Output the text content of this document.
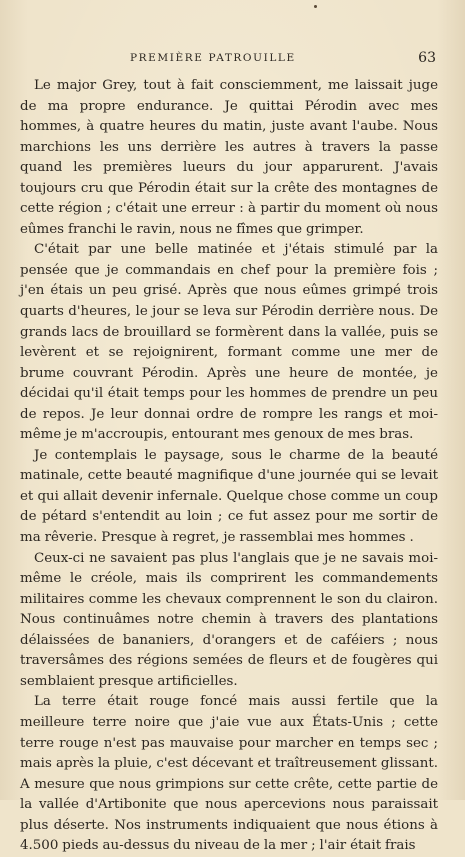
PREMIÈRE PATROUILLE	63

Le major Grey, tout à fait consciemment, me laissait juge de ma propre endurance. Je quittai Pérodin avec mes hommes, à quatre heures du matin, juste avant l'aube. Nous marchions les uns derrière les autres à travers la passe quand les premières lueurs du jour apparurent. J'avais toujours cru que Pérodin était sur la crête des montagnes de cette région ; c'était une erreur : à partir du moment où nous eûmes franchi le ravin, nous ne fîmes que grimper.

C'était par une belle matinée et j'étais stimulé par la pensée que je commandais en chef pour la première fois ; j'en étais un peu grisé. Après que nous eûmes grimpé trois quarts d'heures, le jour se leva sur Pérodin derrière nous. De grands lacs de brouillard se formèrent dans la vallée, puis se levèrent et se rejoignirent, formant comme une mer de brume couvrant Pérodin. Après une heure de montée, je décidai qu'il était temps pour les hommes de prendre un peu de repos. Je leur donnai ordre de rompre les rangs et moi-même je m'accroupis, entourant mes genoux de mes bras.

Je contemplais le paysage, sous le charme de la beauté matinale, cette beauté magnifique d'une journée qui se levait et qui allait devenir infernale. Quelque chose comme un coup de pétard s'entendit au loin ; ce fut assez pour me sortir de ma rêverie. Presque à regret, je rassemblai mes hommes .

Ceux-ci ne savaient pas plus l'anglais que je ne savais moi-même le créole, mais ils comprirent les commandements militaires comme les chevaux comprennent le son du clairon. Nous continuâmes notre chemin à travers des plantations délaissées de bananiers, d'orangers et de caféiers ; nous traversâmes des régions semées de fleurs et de fougères qui semblaient presque artificielles.

La terre était rouge foncé mais aussi fertile que la meilleure terre noire que j'aie vue aux États-Unis ; cette terre rouge n'est pas mauvaise pour marcher en temps sec ; mais après la pluie, c'est décevant et traîtreusement glissant. A mesure que nous grimpions sur cette crête, cette partie de la vallée d'Artibonite que nous apercevions nous paraissait plus déserte. Nos instruments indiquaient que nous étions à 4.500 pieds au-dessus du niveau de la mer ; l'air était frais
